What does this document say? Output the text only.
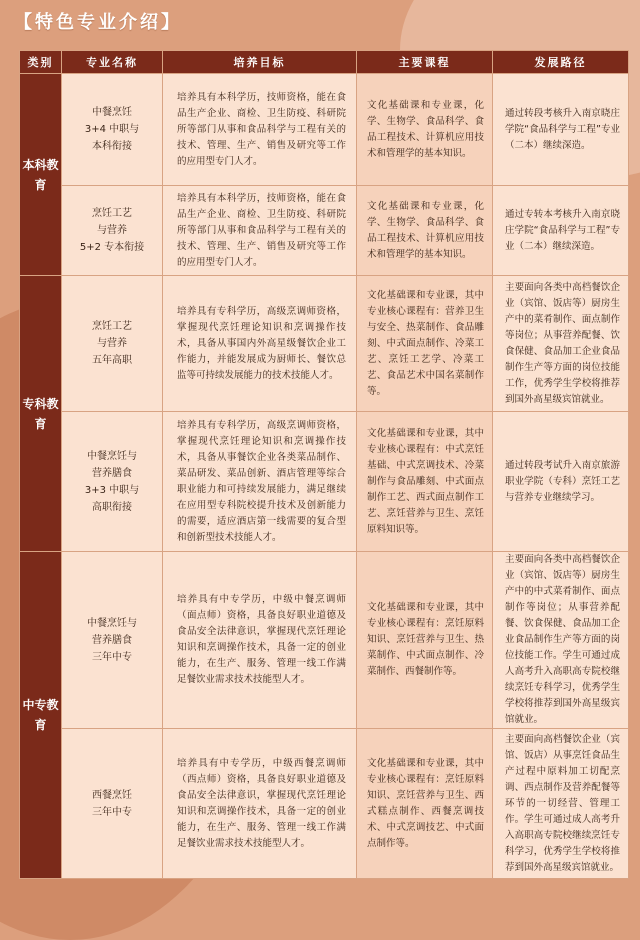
【特色专业介绍】
类别	专业名称	培养目标	主要课程	发展路径
本科教育	中餐烹饪
3+4 中职与
本科衔接	培养具有本科学历，技师资格，能在食品生产企业、商检、卫生防疫、科研院所等部门从事和食品科学与工程有关的技术、管理、生产、销售及研究等工作的应用型专门人才。	文化基础课和专业课，化学、生物学、食品科学、食品工程技术、计算机应用技术和管理学的基本知识。	通过转段考核升入南京晓庄学院“食品科学与工程”专业（二本）继续深造。
	烹饪工艺
与营养
5+2 专本衔接	培养具有本科学历，技师资格，能在食品生产企业、商检、卫生防疫、科研院所等部门从事和食品科学与工程有关的技术、管理、生产、销售及研究等工作的应用型专门人才。	文化基础课和专业课，化学、生物学、食品科学、食品工程技术、计算机应用技术和管理学的基本知识。	通过专转本考核升入南京晓庄学院“食品科学与工程”专业（二本）继续深造。
专科教育	烹饪工艺
与营养
五年高职	培养具有专科学历，高级烹调师资格，掌握现代烹饪理论知识和烹调操作技术，具备从事国内外高星级餐饮企业工作能力，并能发展成为厨师长、餐饮总监等可持续发展能力的技术技能人才。	文化基础课和专业课，其中专业核心课程有：营养卫生与安全、热菜制作、食品雕刻、中式面点制作、冷菜工艺、烹饪工艺学、冷菜工艺、食品艺术中国名菜制作等。	主要面向各类中高档餐饮企业（宾馆、饭店等）厨房生产中的菜肴制作、面点制作等岗位；从事营养配餐、饮食保健、食品加工企业食品制作生产等方面的岗位技能工作，优秀学生学校将推荐到国外高星级宾馆就业。
	中餐烹饪与
营养膳食
3+3 中职与
高职衔接	培养具有专科学历，高级烹调师资格，掌握现代烹饪理论知识和烹调操作技术，具备从事餐饮企业各类菜品制作、菜品研发、菜品创新、酒店管理等综合职业能力和可持续发展能力，满足继续在应用型专科院校提升技术及创新能力的需要，适应酒店第一线需要的复合型和创新型技术技能人才。	文化基础课和专业课，其中专业核心课程有：中式烹饪基础、中式烹调技术、冷菜制作与食品雕刻、中式面点制作工艺、西式面点制作工艺、烹饪营养与卫生、烹饪原料知识等。	通过转段考试升入南京旅游职业学院（专科）烹饪工艺与营养专业继续学习。
中专教育	中餐烹饪与
营养膳食
三年中专	培养具有中专学历，中级中餐烹调师（面点师）资格，具备良好职业道德及食品安全法律意识，掌握现代烹饪理论知识和烹调操作技术，具备一定的创业能力，在生产、服务、管理一线工作满足餐饮业需求技术技能型人才。	文化基础课和专业课，其中专业核心课程有：烹饪原料知识、烹饪营养与卫生、热菜制作、中式面点制作、冷菜制作、西餐制作等。	主要面向各类中高档餐饮企业（宾馆、饭店等）厨房生产中的中式菜肴制作、面点制作等岗位；从事营养配餐、饮食保健、食品加工企业食品制作生产等方面的岗位技能工作。学生可通过成人高考升入高职高专院校继续烹饪专科学习，优秀学生学校将推荐到国外高星级宾馆就业。
	西餐烹饪
三年中专	培养具有中专学历，中级西餐烹调师（西点师）资格，具备良好职业道德及食品安全法律意识，掌握现代烹饪理论知识和烹调操作技术，具备一定的创业能力，在生产、服务、管理一线工作满足餐饮业需求技术技能型人才。	文化基础课和专业课，其中专业核心课程有：烹饪原料知识、烹饪营养与卫生、西式糕点制作、西餐烹调技术、中式烹调技艺、中式面点制作等。	主要面向高档餐饮企业（宾馆、饭店）从事烹饪食品生产过程中原料加工切配烹调、西点制作及营养配餐等环节的一切经营、管理工作。学生可通过成人高考升入高职高专院校继续烹饪专科学习，优秀学生学校将推荐到国外高星级宾馆就业。
